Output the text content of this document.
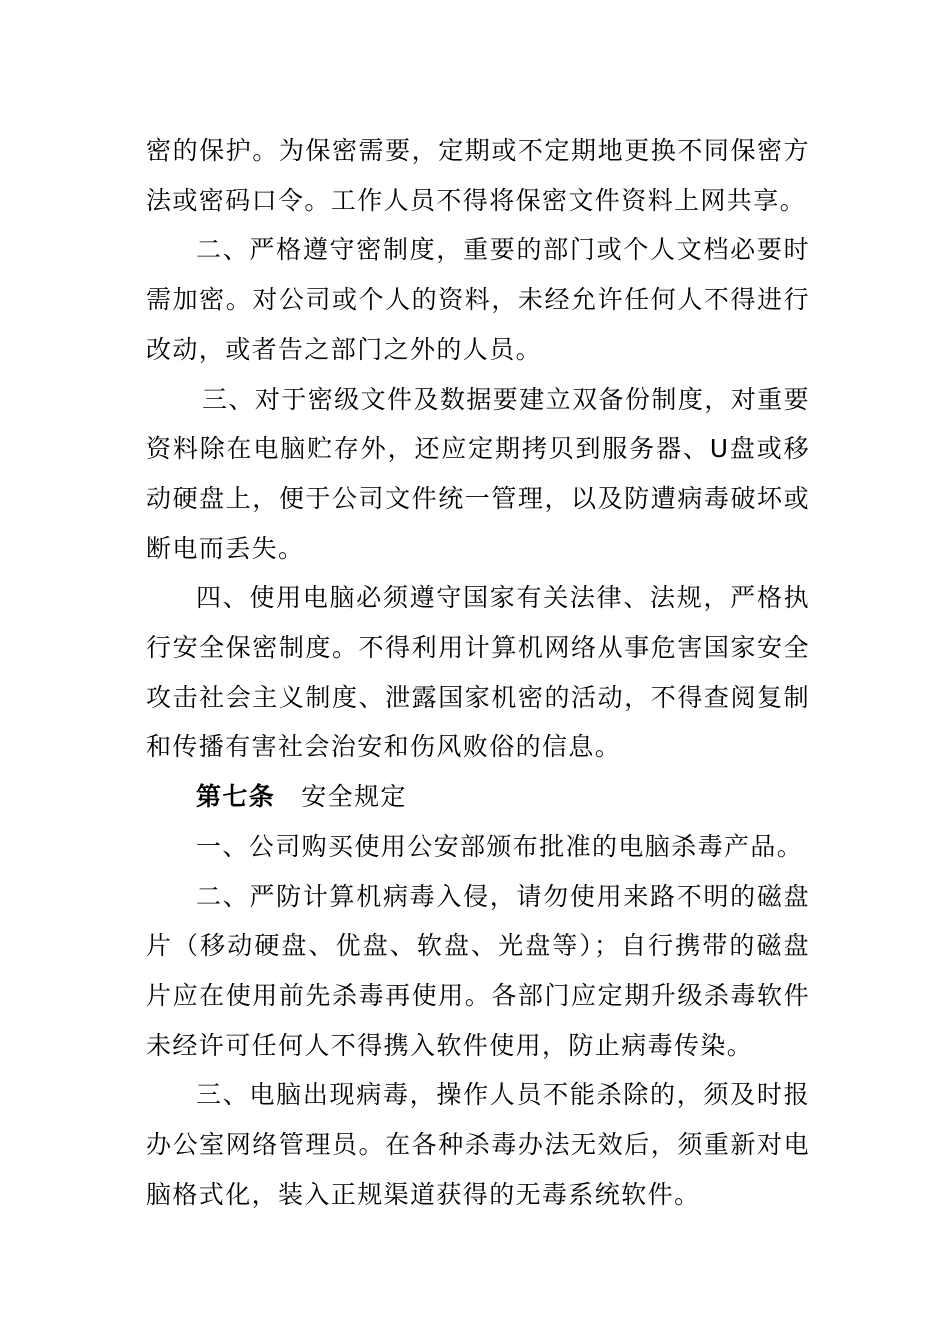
密的保护。为保密需要，定期或不定期地更换不同保密方法或密码口令。工作人员不得将保密文件资料上网共享。

二、严格遵守密制度，重要的部门或个人文档必要时需加密。对公司或个人的资料，未经允许任何人不得进行改动，或者告之部门之外的人员。

三、对于密级文件及数据要建立双备份制度，对重要资料除在电脑贮存外，还应定期拷贝到服务器、U盘或移动硬盘上，便于公司文件统一管理，以及防遭病毒破坏或断电而丢失。

四、使用电脑必须遵守国家有关法律、法规，严格执行安全保密制度。不得利用计算机网络从事危害国家安全攻击社会主义制度、泄露国家机密的活动，不得查阅复制和传播有害社会治安和伤风败俗的信息。

第七条 安全规定

一、公司购买使用公安部颁布批准的电脑杀毒产品。

二、严防计算机病毒入侵，请勿使用来路不明的磁盘片（移动硬盘、优盘、软盘、光盘等）；自行携带的磁盘片应在使用前先杀毒再使用。各部门应定期升级杀毒软件未经许可任何人不得携入软件使用，防止病毒传染。

三、电脑出现病毒，操作人员不能杀除的，须及时报办公室网络管理员。在各种杀毒办法无效后，须重新对电脑格式化，装入正规渠道获得的无毒系统软件。
